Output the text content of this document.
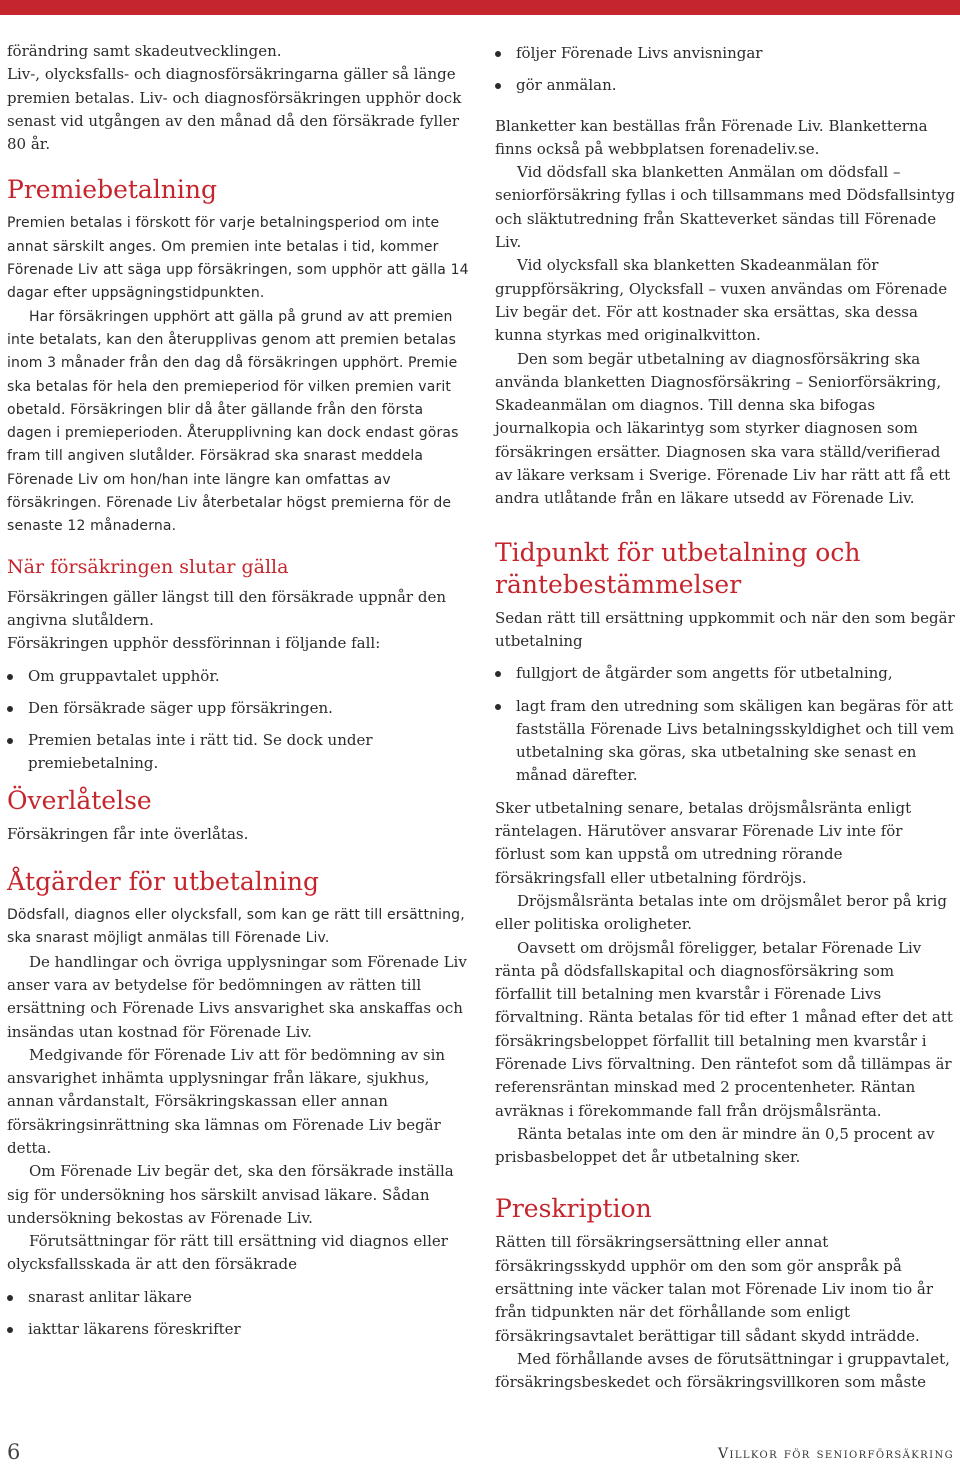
förändring samt skadeutvecklingen.

Liv-, olycksfalls- och diagnosförsäkringarna gäller så länge premien betalas. Liv- och diagnosförsäkringen upphör dock senast vid utgången av den månad då den försäkrade fyller 80 år.

Premiebetalning

Premien betalas i förskott för varje betalningsperiod om inte annat särskilt anges. Om premien inte betalas i tid, kommer Förenade Liv att säga upp försäkringen, som upphör att gälla 14 dagar efter uppsägningstidpunkten.

Har försäkringen upphört att gälla på grund av att premien inte betalats, kan den återupplivas genom att premien betalas inom 3 månader från den dag då försäkringen upphört. Premie ska betalas för hela den premieperiod för vilken premien varit obetald. Försäkringen blir då åter gällande från den första dagen i premieperioden. Återupplivning kan dock endast göras fram till angiven slutålder. Försäkrad ska snarast meddela Förenade Liv om hon/han inte längre kan omfattas av försäkringen. Förenade Liv återbetalar högst premierna för de senaste 12 månaderna.

När försäkringen slutar gälla

Försäkringen gäller längst till den försäkrade uppnår den angivna slutåldern.

Försäkringen upphör dessförinnan i följande fall:

Om gruppavtalet upphör.
Den försäkrade säger upp försäkringen.
Premien betalas inte i rätt tid. Se dock under premiebetalning.
Överlåtelse

Försäkringen får inte överlåtas.

Åtgärder för utbetalning

Dödsfall, diagnos eller olycksfall, som kan ge rätt till ersättning, ska snarast möjligt anmälas till Förenade Liv.

De handlingar och övriga upplysningar som Förenade Liv anser vara av betydelse för bedömningen av rätten till ersättning och Förenade Livs ansvarighet ska anskaffas och insändas utan kostnad för Förenade Liv.

Medgivande för Förenade Liv att för bedömning av sin ansvarighet inhämta upplysningar från läkare, sjukhus, annan vårdanstalt, Försäkringskassan eller annan försäkringsinrättning ska lämnas om Förenade Liv begär detta.

Om Förenade Liv begär det, ska den försäkrade inställa sig för undersökning hos särskilt anvisad läkare. Sådan undersökning bekostas av Förenade Liv.

Förutsättningar för rätt till ersättning vid diagnos eller olycksfallsskada är att den försäkrade

snarast anlitar läkare
iakttar läkarens föreskrifter
följer Förenade Livs anvisningar
gör anmälan.

Blanketter kan beställas från Förenade Liv. Blanketterna finns också på webbplatsen forenadeliv.se.

Vid dödsfall ska blanketten Anmälan om dödsfall – seniorförsäkring fyllas i och tillsammans med Dödsfallsintyg och släktutredning från Skatteverket sändas till Förenade Liv.

Vid olycksfall ska blanketten Skadeanmälan för gruppförsäkring, Olycksfall – vuxen användas om Förenade Liv begär det. För att kostnader ska ersättas, ska dessa kunna styrkas med originalkvitton.

Den som begär utbetalning av diagnosförsäkring ska använda blanketten Diagnosförsäkring – Seniorförsäkring, Skadeanmälan om diagnos. Till denna ska bifogas journalkopia och läkarintyg som styrker diagnosen som försäkringen ersätter. Diagnosen ska vara ställd/verifierad av läkare verksam i Sverige. Förenade Liv har rätt att få ett andra utlåtande från en läkare utsedd av Förenade Liv.

Tidpunkt för utbetalning och räntebestämmelser

Sedan rätt till ersättning uppkommit och när den som begär utbetalning

fullgjort de åtgärder som angetts för utbetalning,
lagt fram den utredning som skäligen kan begäras för att fastställa Förenade Livs betalningsskyldighet och till vem utbetalning ska göras, ska utbetalning ske senast en månad därefter.

Sker utbetalning senare, betalas dröjsmålsränta enligt räntelagen. Härutöver ansvarar Förenade Liv inte för förlust som kan uppstå om utredning rörande försäkringsfall eller utbetalning fördröjs.

Dröjsmålsränta betalas inte om dröjsmålet beror på krig eller politiska oroligheter.

Oavsett om dröjsmål föreligger, betalar Förenade Liv ränta på dödsfallskapital och diagnosförsäkring som förfallit till betalning men kvarstår i Förenade Livs förvaltning. Ränta betalas för tid efter 1 månad efter det att försäkringsbeloppet förfallit till betalning men kvarstår i Förenade Livs förvaltning. Den räntefot som då tillämpas är referensräntan minskad med 2 procentenheter. Räntan avräknas i förekommande fall från dröjsmålsränta.

Ränta betalas inte om den är mindre än 0,5 procent av prisbasbeloppet det år utbetalning sker.

Preskription

Rätten till försäkringsersättning eller annat försäkringsskydd upphör om den som gör anspråk på ersättning inte väcker talan mot Förenade Liv inom tio år från tidpunkten när det förhållande som enligt försäkringsavtalet berättigar till sådant skydd inträdde.

Med förhållande avses de förutsättningar i gruppavtalet, försäkringsbeskedet och försäkringsvillkoren som måste

6	Villkor för seniorförsäkring
